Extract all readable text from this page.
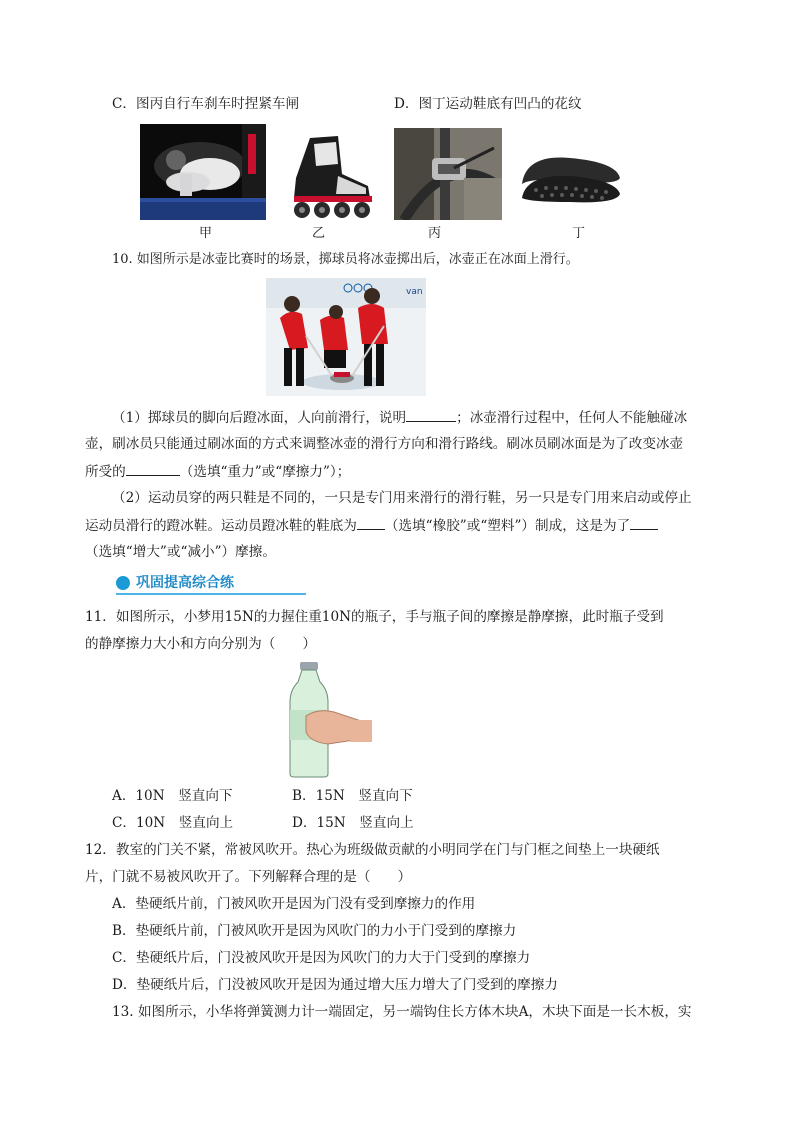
C．图丙自行车刹车时捏紧车闸	D．图丁运动鞋底有凹凸的花纹
甲	乙	丙	丁
10. 如图所示是冰壶比赛时的场景，掷球员将冰壶掷出后，冰壶正在冰面上滑行。
van
（1）掷球员的脚向后蹬冰面，人向前滑行，说明	；冰壶滑行过程中，任何人不能触碰冰
壶，刷冰员只能通过刷冰面的方式来调整冰壶的滑行方向和滑行路线。刷冰员刷冰面是为了改变冰壶
所受的	（选填“重力”或“摩擦力”）；
（2）运动员穿的两只鞋是不同的，一只是专门用来滑行的滑行鞋，另一只是专门用来启动或停止
运动员滑行的蹬冰鞋。运动员蹬冰鞋的鞋底为 （选填“橡胶”或“塑料”）制成，这是为了
（选填“增大”或“减小”）摩擦。
巩固提高综合练
11．如图所示，小梦用15N的力握住重10N的瓶子，手与瓶子间的摩擦是静摩擦，此时瓶子受到
的静摩擦力大小和方向分别为（　　）
A．10N　竖直向下	B．15N　竖直向下
C．10N　竖直向上	D．15N　竖直向上
12．教室的门关不紧，常被风吹开。热心为班级做贡献的小明同学在门与门框之间垫上一块硬纸
片，门就不易被风吹开了。下列解释合理的是（　　）
A．垫硬纸片前，门被风吹开是因为门没有受到摩擦力的作用
B．垫硬纸片前，门被风吹开是因为风吹门的力小于门受到的摩擦力
C．垫硬纸片后，门没被风吹开是因为风吹门的力大于门受到的摩擦力
D．垫硬纸片后，门没被风吹开是因为通过增大压力增大了门受到的摩擦力
13. 如图所示，小华将弹簧测力计一端固定，另一端钩住长方体木块A，木块下面是一长木板，实
